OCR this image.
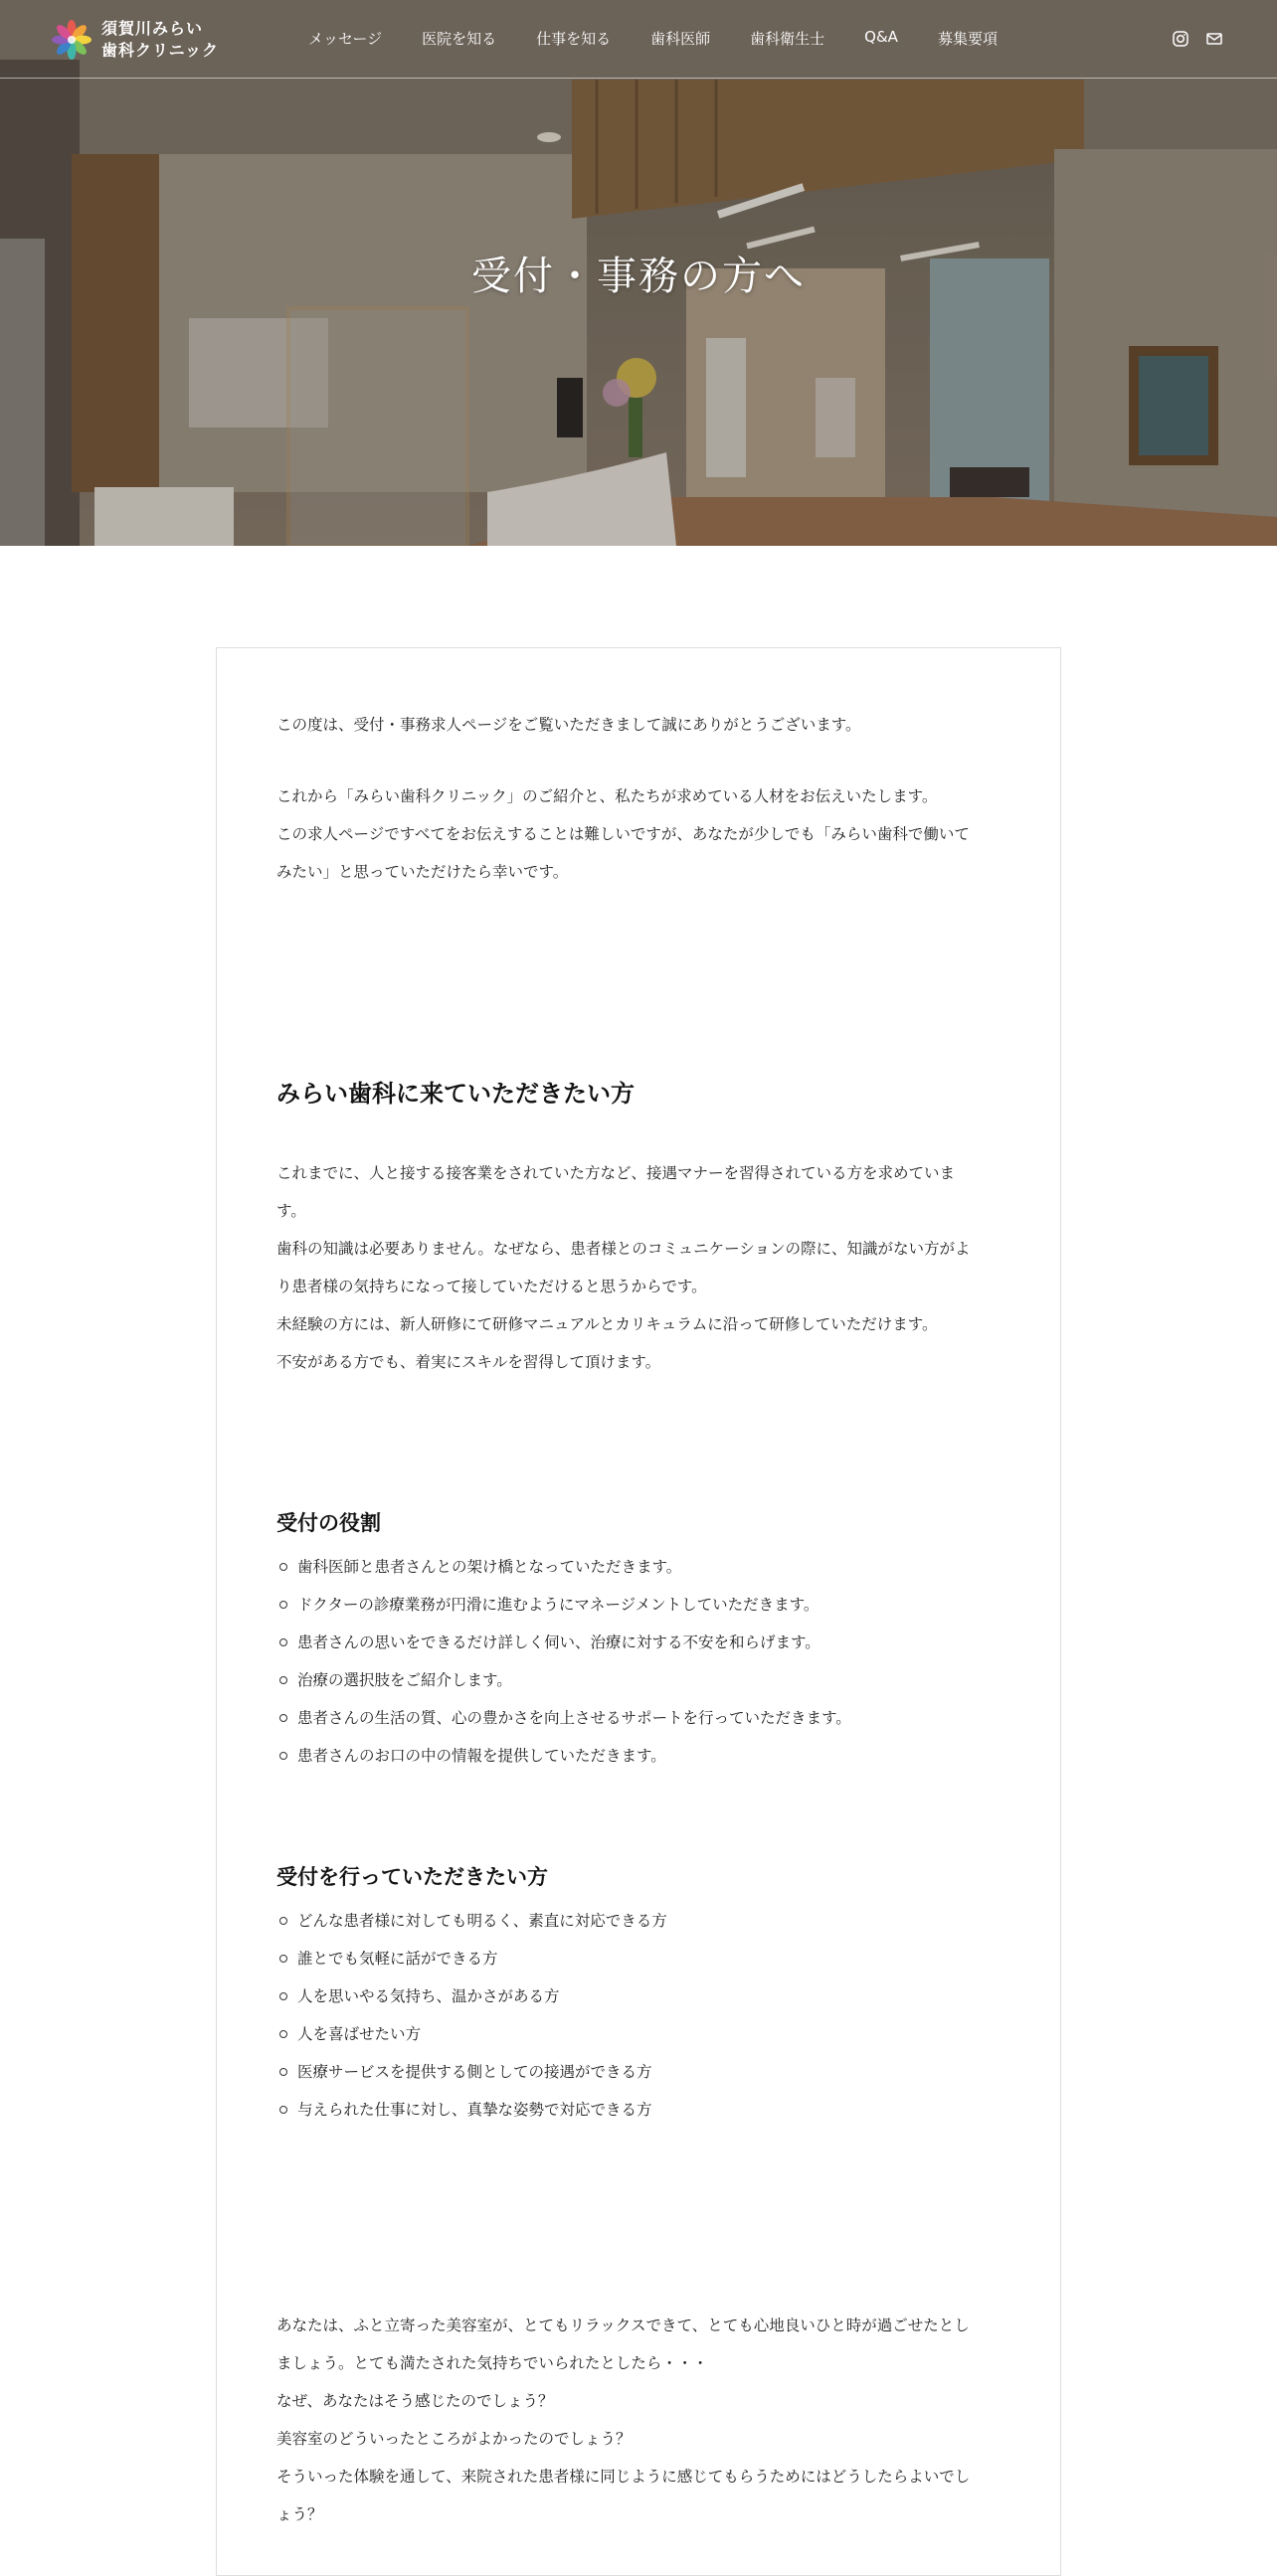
受付・事務の方へ
須賀川みらい
歯科クリニック
メッセージ	医院を知る	仕事を知る	歯科医師	歯科衛生士	Q&A	募集要項

この度は、受付・事務求人ページをご覧いただきまして誠にありがとうございます。

これから「みらい歯科クリニック」のご紹介と、私たちが求めている人材をお伝えいたします。

この求人ページですべてをお伝えすることは難しいですが、あなたが少しでも「みらい歯科で働いて

みたい」と思っていただけたら幸いです。

みらい歯科に来ていただきたい方

これまでに、人と接する接客業をされていた方など、接遇マナーを習得されている方を求めていま

す。

歯科の知識は必要ありません。なぜなら、患者様とのコミュニケーションの際に、知識がない方がよ

り患者様の気持ちになって接していただけると思うからです。

未経験の方には、新人研修にて研修マニュアルとカリキュラムに沿って研修していただけます。

不安がある方でも、着実にスキルを習得して頂けます。

受付の役割
歯科医師と患者さんとの架け橋となっていただきます。
ドクターの診療業務が円滑に進むようにマネージメントしていただきます。
患者さんの思いをできるだけ詳しく伺い、治療に対する不安を和らげます。
治療の選択肢をご紹介します。
患者さんの生活の質、心の豊かさを向上させるサポートを行っていただきます。
患者さんのお口の中の情報を提供していただきます。
受付を行っていただきたい方
どんな患者様に対しても明るく、素直に対応できる方
誰とでも気軽に話ができる方
人を思いやる気持ち、温かさがある方
人を喜ばせたい方
医療サービスを提供する側としての接遇ができる方
与えられた仕事に対し、真摯な姿勢で対応できる方

あなたは、ふと立寄った美容室が、とてもリラックスできて、とても心地良いひと時が過ごせたとし

ましょう。とても満たされた気持ちでいられたとしたら・・・

なぜ、あなたはそう感じたのでしょう？

美容室のどういったところがよかったのでしょう？

そういった体験を通して、来院された患者様に同じように感じてもらうためにはどうしたらよいでし

ょう？
